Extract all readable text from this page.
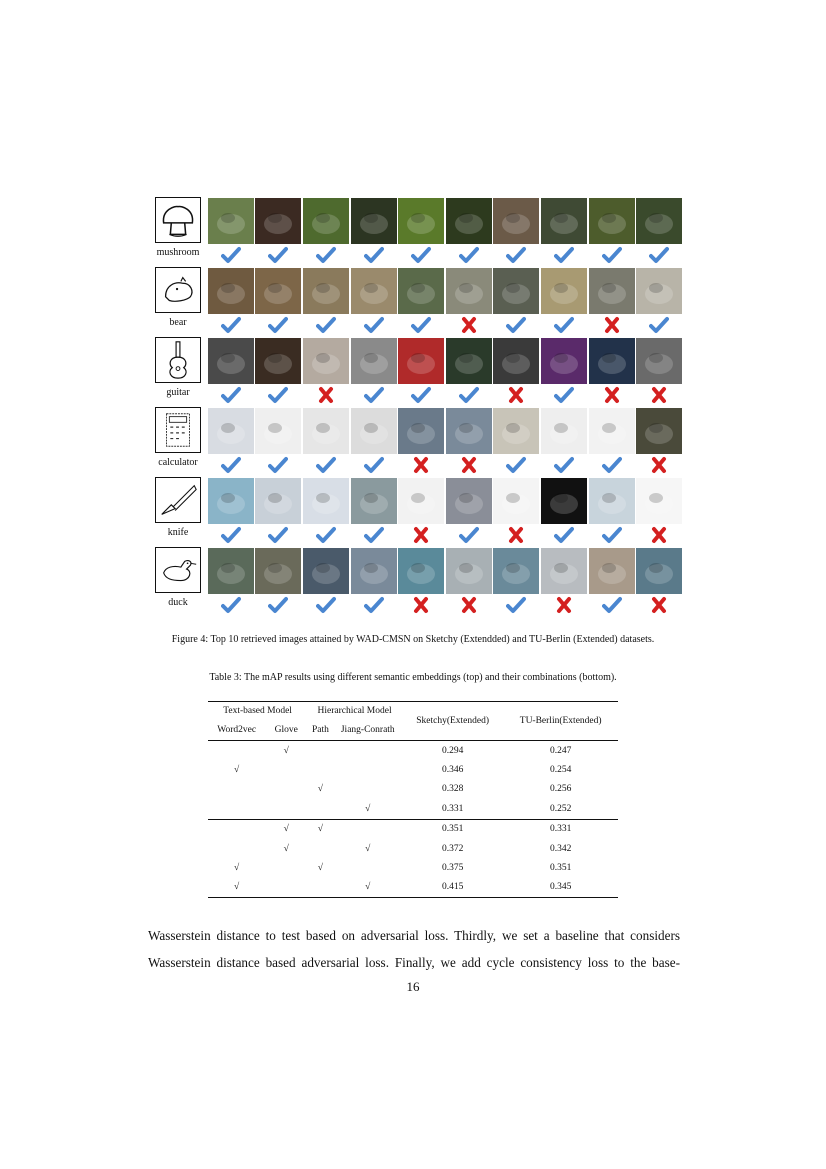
mushroom
bear
guitar
calculator
knife
duck
Figure 4: Top 10 retrieved images attained by WAD-CMSN on Sketchy (Extendded) and TU-Berlin (Extended) datasets.
Table 3: The mAP results using different semantic embeddings (top) and their combinations (bottom).
Text-based Model		Hierarchical Model		Sketchy(Extended)	TU-Berlin(Extended)
Word2vec	Glove	Path	Jiang-Conrath		
	√			0.294	0.247
√				0.346	0.254
		√		0.328	0.256
			√	0.331	0.252
	√	√		0.351	0.331
	√		√	0.372	0.342
√		√		0.375	0.351
√			√	0.415	0.345
Wasserstein distance to test based on adversarial loss. Thirdly, we set a baseline that considers
Wasserstein distance based adversarial loss. Finally, we add cycle consistency loss to the base-
16
